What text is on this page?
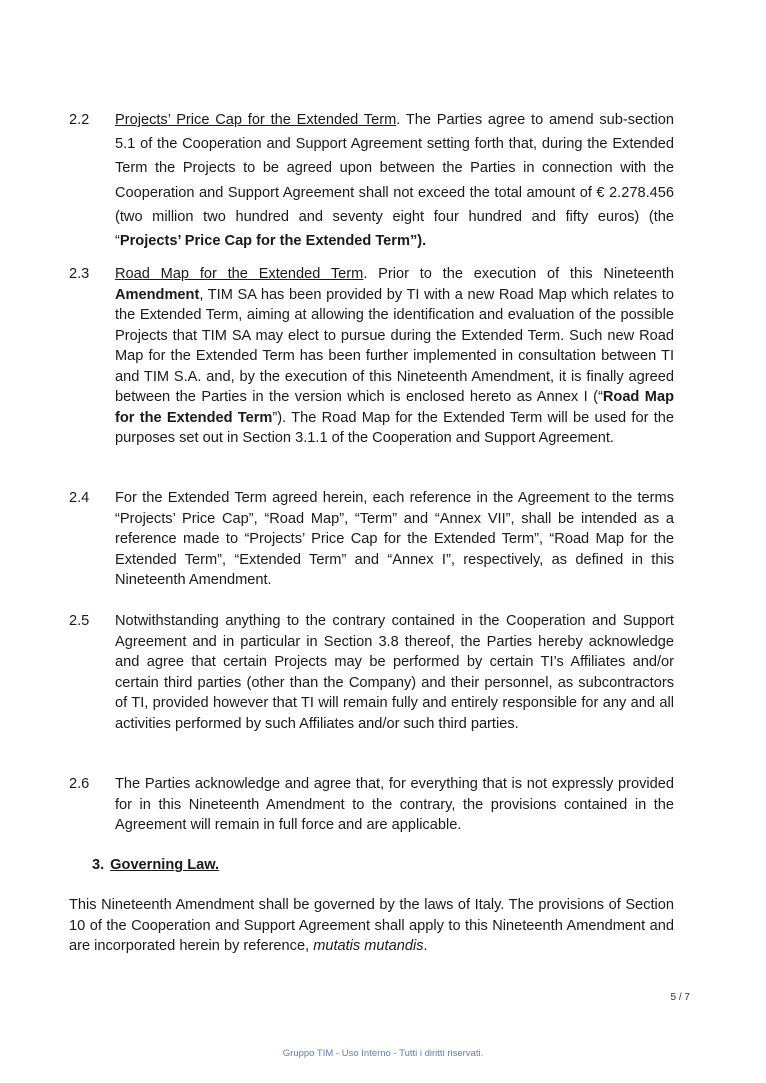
2.2 Projects’ Price Cap for the Extended Term. The Parties agree to amend sub-section 5.1 of the Cooperation and Support Agreement setting forth that, during the Extended Term the Projects to be agreed upon between the Parties in connection with the Cooperation and Support Agreement shall not exceed the total amount of € 2.278.456 (two million two hundred and seventy eight four hundred and fifty euros) (the “Projects’ Price Cap for the Extended Term”).
2.3 Road Map for the Extended Term. Prior to the execution of this Nineteenth Amendment, TIM SA has been provided by TI with a new Road Map which relates to the Extended Term, aiming at allowing the identification and evaluation of the possible Projects that TIM SA may elect to pursue during the Extended Term. Such new Road Map for the Extended Term has been further implemented in consultation between TI and TIM S.A. and, by the execution of this Nineteenth Amendment, it is finally agreed between the Parties in the version which is enclosed hereto as Annex I (“Road Map for the Extended Term”). The Road Map for the Extended Term will be used for the purposes set out in Section 3.1.1 of the Cooperation and Support Agreement.
2.4 For the Extended Term agreed herein, each reference in the Agreement to the terms “Projects’ Price Cap”, “Road Map”, “Term” and “Annex VII”, shall be intended as a reference made to “Projects’ Price Cap for the Extended Term”, “Road Map for the Extended Term”, “Extended Term” and “Annex I”, respectively, as defined in this Nineteenth Amendment.
2.5 Notwithstanding anything to the contrary contained in the Cooperation and Support Agreement and in particular in Section 3.8 thereof, the Parties hereby acknowledge and agree that certain Projects may be performed by certain TI’s Affiliates and/or certain third parties (other than the Company) and their personnel, as subcontractors of TI, provided however that TI will remain fully and entirely responsible for any and all activities performed by such Affiliates and/or such third parties.
2.6 The Parties acknowledge and agree that, for everything that is not expressly provided for in this Nineteenth Amendment to the contrary, the provisions contained in the Agreement will remain in full force and are applicable.
3. Governing Law.
This Nineteenth Amendment shall be governed by the laws of Italy. The provisions of Section 10 of the Cooperation and Support Agreement shall apply to this Nineteenth Amendment and are incorporated herein by reference, mutatis mutandis.
5 / 7
Gruppo TIM - Uso Interno - Tutti i diritti riservati.
